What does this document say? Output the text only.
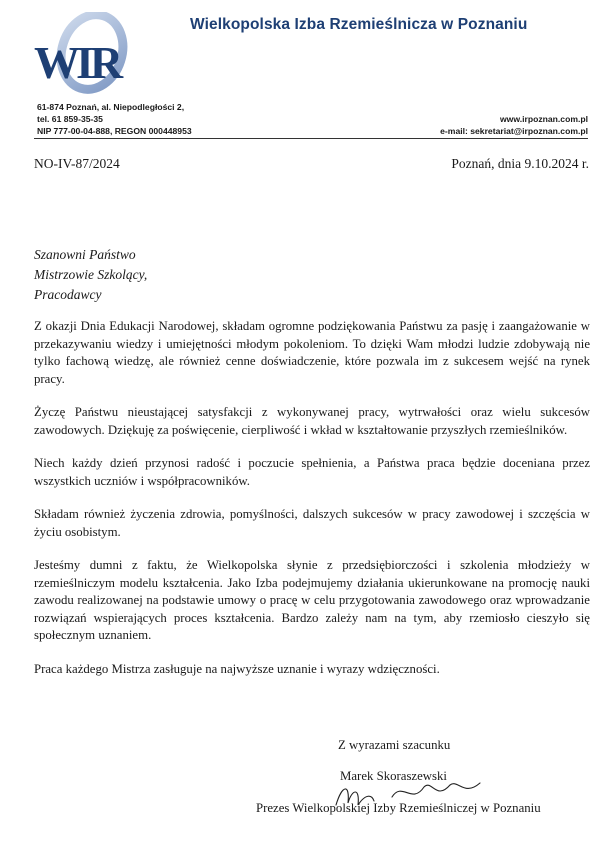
WIR
Wielkopolska Izba Rzemieślnicza w Poznaniu
61-874 Poznań, al. Niepodległości 2,
tel. 61 859-35-35
NIP 777-00-04-888, REGON 000448953
www.irpoznan.com.pl
e-mail: sekretariat@irpoznan.com.pl
NO-IV-87/2024	Poznań, dnia 9.10.2024 r.
Szanowni Państwo
Mistrzowie Szkolący,
Pracodawcy

Z okazji Dnia Edukacji Narodowej, składam ogromne podziękowania Państwu za pasję i zaangażowanie w przekazywaniu wiedzy i umiejętności młodym pokoleniom. To dzięki Wam młodzi ludzie zdobywają nie tylko fachową wiedzę, ale również cenne doświadczenie, które pozwala im z sukcesem wejść na rynek pracy.

Życzę Państwu nieustającej satysfakcji z wykonywanej pracy, wytrwałości oraz wielu sukcesów zawodowych. Dziękuję za poświęcenie, cierpliwość i wkład w kształtowanie przyszłych rzemieślników.

Niech każdy dzień przynosi radość i poczucie spełnienia, a Państwa praca będzie doceniana przez wszystkich uczniów i współpracowników.

Składam również życzenia zdrowia, pomyślności, dalszych sukcesów w pracy zawodowej i szczęścia w życiu osobistym.

Jesteśmy dumni z faktu, że Wielkopolska słynie z przedsiębiorczości i szkolenia młodzieży w rzemieślniczym modelu kształcenia. Jako Izba podejmujemy działania ukierunkowane na promocję nauki zawodu realizowanej na podstawie umowy o pracę w celu przygotowania zawodowego oraz wprowadzanie rozwiązań wspierających proces kształcenia. Bardzo zależy nam na tym, aby rzemiosło cieszyło się społecznym uznaniem.

Praca każdego Mistrza zasługuje na najwyższe uznanie i wyrazy wdzięczności.

Z wyrazami szacunku
Marek Skoraszewski
Prezes Wielkopolskiej Izby Rzemieślniczej w Poznaniu
